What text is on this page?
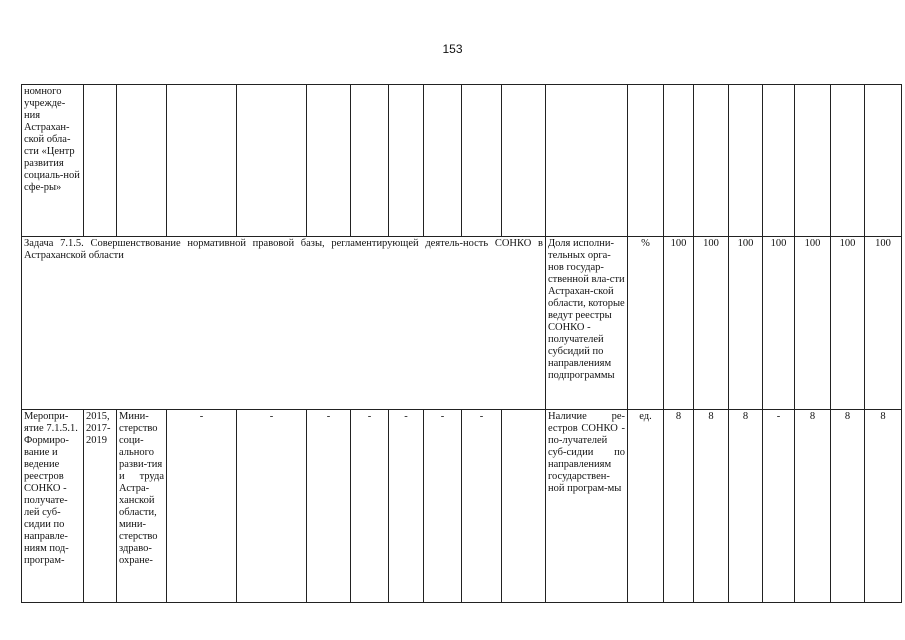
153
номного учрежде-ния Астрахан-ской обла-сти «Центр развития социаль-ной сфе-ры»																			
Задача 7.1.5. Совершенствование нормативной правовой базы, регламентирующей деятель-ность СОНКО в Астраханской области											Доля исполни-тельных орга-нов государ-ственной вла-сти Астрахан-ской области, которые ведут реестры СОНКО - получателей субсидий по направлениям подпрограммы	%	100	100	100	100	100	100	100
Меропри-ятие 7.1.5.1. Формиро-вание и ведение реестров СОНКО - получате-лей суб-сидии по направле-ниям под-програм-	2015, 2017-2019	Мини-стерство соци-ального разви-тия и труда Астра-ханской области, мини-стерство здраво-охране-	-	-	-	-	-	-	-		Наличие ре-естров СОНКО - по-лучателей суб-сидии по направлениям государствен-ной програм-мы	ед.	8	8	8	-	8	8	8
